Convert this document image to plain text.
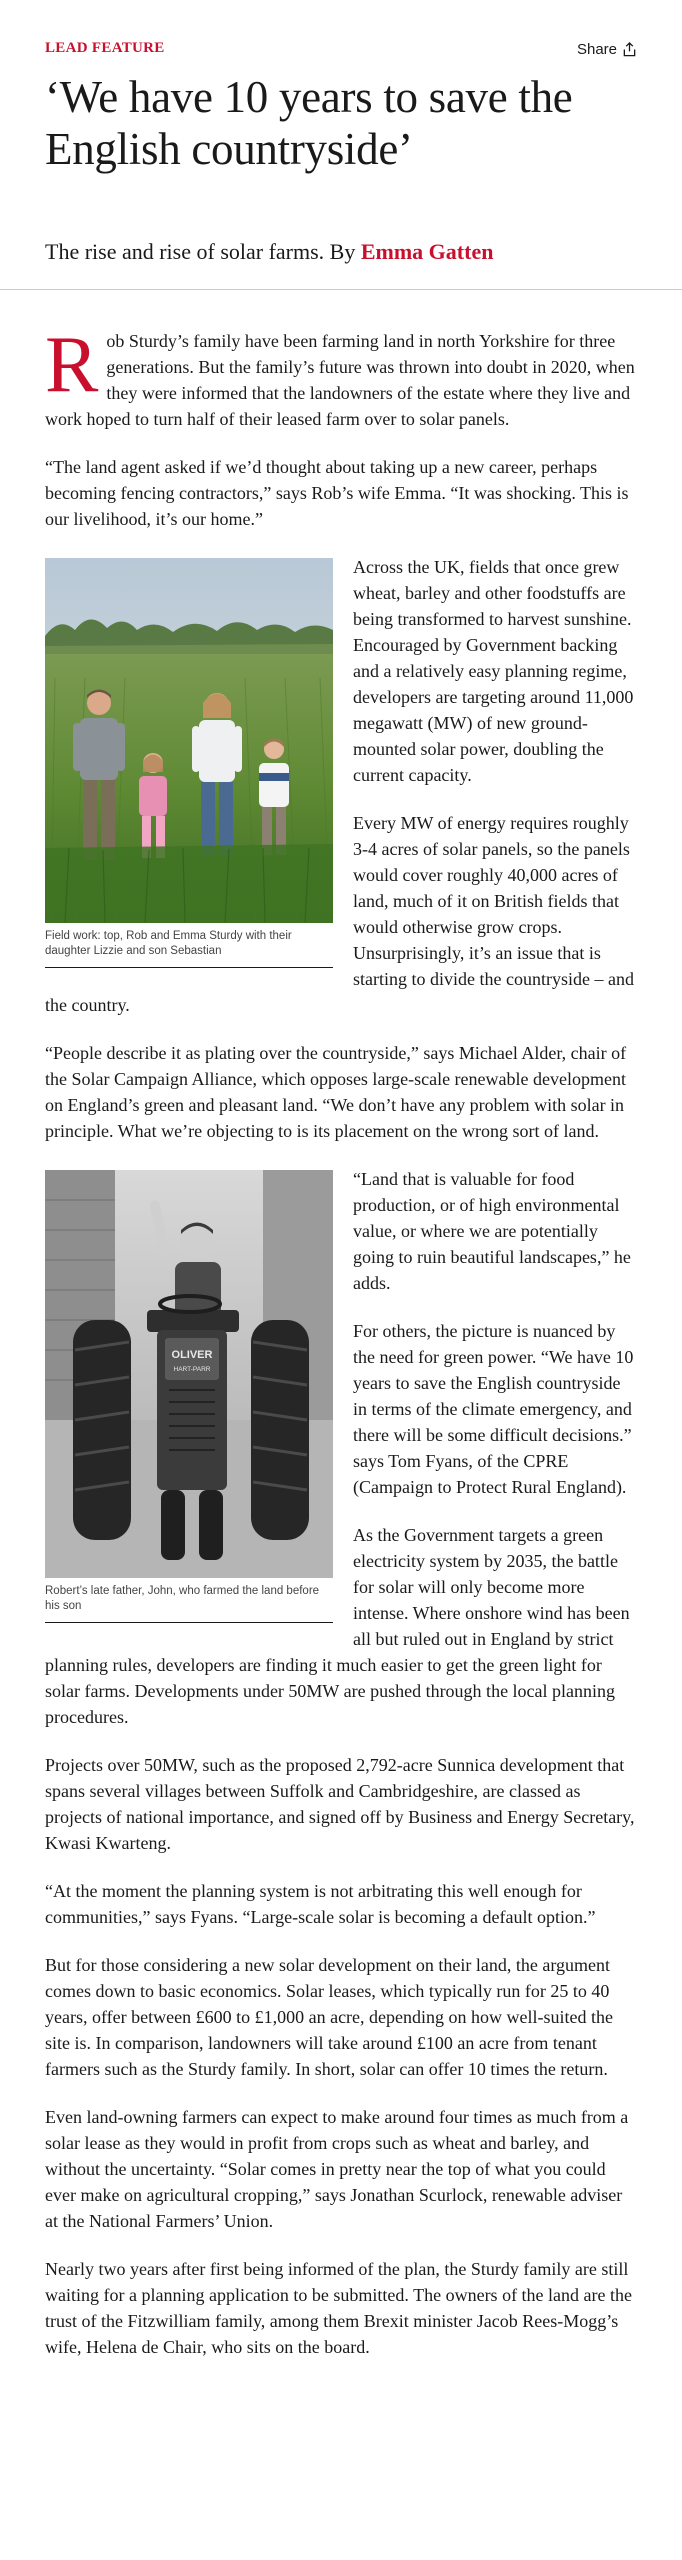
LEAD FEATURE	Share
‘We have 10 years to save the English countryside’
The rise and rise of solar farms. By Emma Gatten

Rob Sturdy’s family have been farming land in north Yorkshire for three generations. But the family’s future was thrown into doubt in 2020, when they were informed that the landowners of the estate where they live and work hoped to turn half of their leased farm over to solar panels.

“The land agent asked if we’d thought about taking up a new career, perhaps becoming fencing contractors,” says Rob’s wife Emma. “It was shocking. This is our livelihood, it’s our home.”

Field work: top, Rob and Emma Sturdy with their daughter Lizzie and son Sebastian

Across the UK, fields that once grew wheat, barley and other foodstuffs are being transformed to harvest sunshine. Encouraged by Government backing and a relatively easy planning regime, developers are targeting around 11,000 megawatt (MW) of new ground-mounted solar power, doubling the current capacity.

Every MW of energy requires roughly 3-4 acres of solar panels, so the panels would cover roughly 40,000 acres of land, much of it on British fields that would otherwise grow crops. Unsurprisingly, it’s an issue that is starting to divide the countryside – and the country.

“People describe it as plating over the countryside,” says Michael Alder, chair of the Solar Campaign Alliance, which opposes large-scale renewable development on England’s green and pleasant land. “We don’t have any problem with solar in principle. What we’re objecting to is its placement on the wrong sort of land.

OLIVER
HART-PARR
Robert’s late father, John, who farmed the land before his son

“Land that is valuable for food production, or of high environmental value, or where we are potentially going to ruin beautiful landscapes,” he adds.

For others, the picture is nuanced by the need for green power. “We have 10 years to save the English countryside in terms of the climate emergency, and there will be some difficult decisions.” says Tom Fyans, of the CPRE (Campaign to Protect Rural England).

As the Government targets a green electricity system by 2035, the battle for solar will only become more intense. Where onshore wind has been all but ruled out in England by strict planning rules, developers are finding it much easier to get the green light for solar farms. Developments under 50MW are pushed through the local planning procedures.

Projects over 50MW, such as the proposed 2,792-acre Sunnica development that spans several villages between Suffolk and Cambridgeshire, are classed as projects of national importance, and signed off by Business and Energy Secretary, Kwasi Kwarteng.

“At the moment the planning system is not arbitrating this well enough for communities,” says Fyans. “Large-scale solar is becoming a default option.”

But for those considering a new solar development on their land, the argument comes down to basic economics. Solar leases, which typically run for 25 to 40 years, offer between £600 to £1,000 an acre, depending on how well-suited the site is. In comparison, landowners will take around £100 an acre from tenant farmers such as the Sturdy family. In short, solar can offer 10 times the return.

Even land-owning farmers can expect to make around four times as much from a solar lease as they would in profit from crops such as wheat and barley, and without the uncertainty. “Solar comes in pretty near the top of what you could ever make on agricultural cropping,” says Jonathan Scurlock, renewable adviser at the National Farmers’ Union.

Nearly two years after first being informed of the plan, the Sturdy family are still waiting for a planning application to be submitted. The owners of the land are the trust of the Fitzwilliam family, among them Brexit minister Jacob Rees-Mogg’s wife, Helena de Chair, who sits on the board.
